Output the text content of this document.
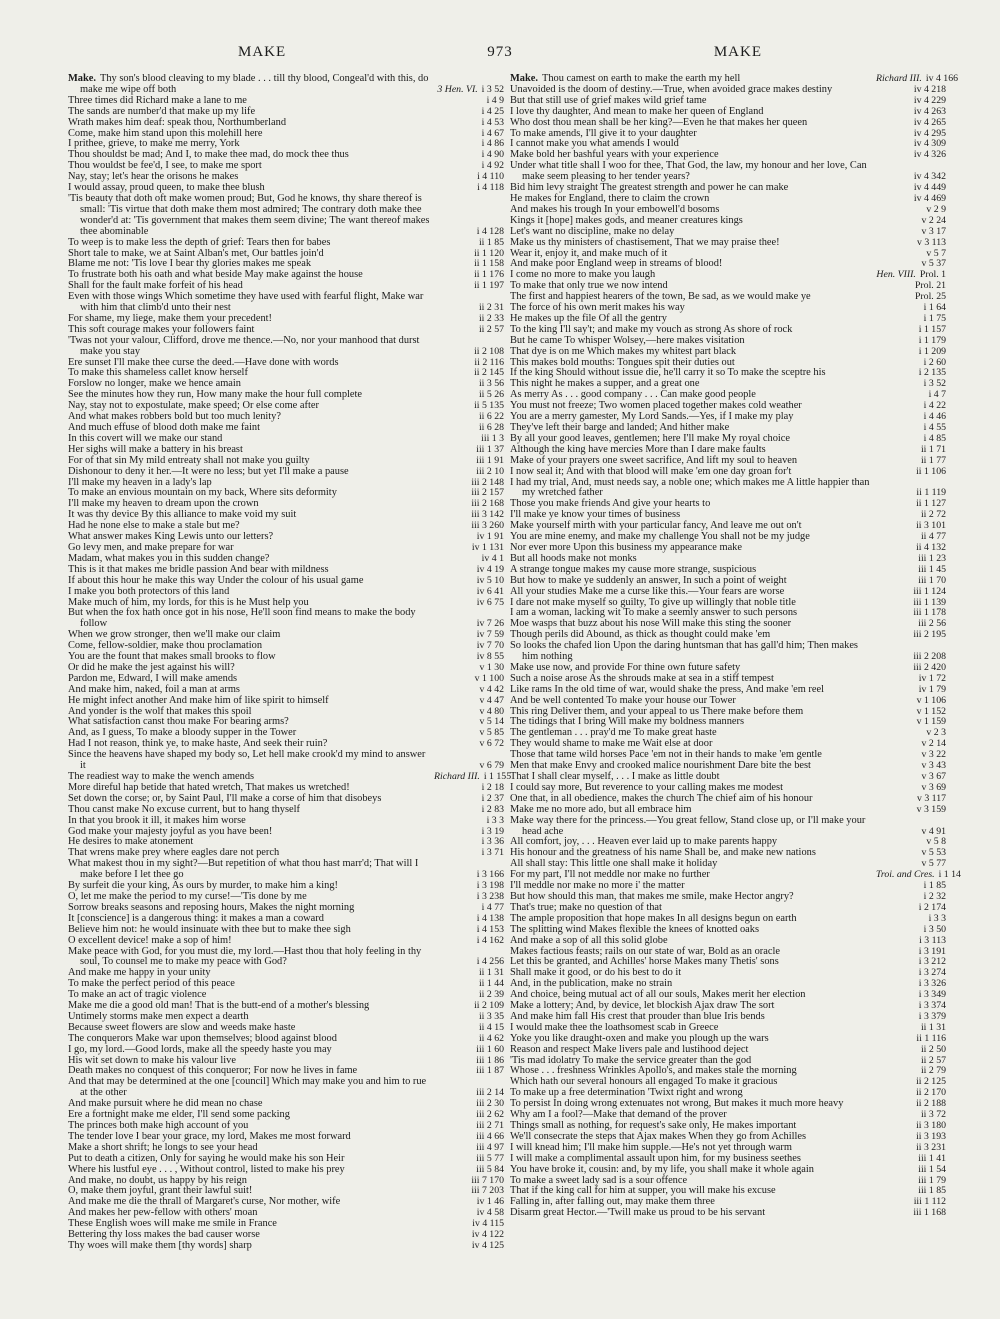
MAKE	973	MAKE
Make. Thy son's blood cleaving to my blade . . . till thy blood, Congeal'd with this, do make me wipe off both	3 Hen. VI. i 3 52
Three times did Richard make a lane to me	i 4 9
The sands are number'd that make up my life	i 4 25
Wrath makes him deaf: speak thou, Northumberland	i 4 53
Come, make him stand upon this molehill here	i 4 67
I prithee, grieve, to make me merry, York	i 4 86
Thou shouldst be mad; And I, to make thee mad, do mock thee thus	i 4 90
Thou wouldst be fee'd, I see, to make me sport	i 4 92
Nay, stay; let's hear the orisons he makes	i 4 110
I would assay, proud queen, to make thee blush	i 4 118
'Tis beauty that doth oft make women proud; But, God he knows, thy share thereof is small: 'Tis virtue that doth make them most admired; The contrary doth make thee wonder'd at: 'Tis government that makes them seem divine; The want thereof makes thee abominable	i 4 128
To weep is to make less the depth of grief: Tears then for babes	ii 1 85
Short tale to make, we at Saint Alban's met, Our battles join'd	ii 1 120
Blame me not: 'Tis love I bear thy glories makes me speak	ii 1 158
To frustrate both his oath and what beside May make against the house	ii 1 176
Shall for the fault make forfeit of his head	ii 1 197
Even with those wings Which sometime they have used with fearful flight, Make war with him that climb'd unto their nest	ii 2 31
For shame, my liege, make them your precedent!	ii 2 33
This soft courage makes your followers faint	ii 2 57
'Twas not your valour, Clifford, drove me thence.—No, nor your manhood that durst make you stay	ii 2 108
Ere sunset I'll make thee curse the deed.—Have done with words	ii 2 116
To make this shameless callet know herself	ii 2 145
Forslow no longer, make we hence amain	ii 3 56
See the minutes how they run, How many make the hour full complete	ii 5 26
Nay, stay not to expostulate, make speed; Or else come after	ii 5 135
And what makes robbers bold but too much lenity?	ii 6 22
And much effuse of blood doth make me faint	ii 6 28
In this covert will we make our stand	iii 1 3
Her sighs will make a battery in his breast	iii 1 37
For of that sin My mild entreaty shall not make you guilty	iii 1 91
Dishonour to deny it her.—It were no less; but yet I'll make a pause	iii 2 10
I'll make my heaven in a lady's lap	iii 2 148
To make an envious mountain on my back, Where sits deformity	iii 2 157
I'll make my heaven to dream upon the crown	iii 2 168
It was thy device By this alliance to make void my suit	iii 3 142
Had he none else to make a stale but me?	iii 3 260
What answer makes King Lewis unto our letters?	iv 1 91
Go levy men, and make prepare for war	iv 1 131
Madam, what makes you in this sudden change?	iv 4 1
This is it that makes me bridle passion And bear with mildness	iv 4 19
If about this hour he make this way Under the colour of his usual game	iv 5 10
I make you both protectors of this land	iv 6 41
Make much of him, my lords, for this is he Must help you	iv 6 75
But when the fox hath once got in his nose, He'll soon find means to make the body follow	iv 7 26
When we grow stronger, then we'll make our claim	iv 7 59
Come, fellow-soldier, make thou proclamation	iv 7 70
You are the fount that makes small brooks to flow	iv 8 55
Or did he make the jest against his will?	v 1 30
Pardon me, Edward, I will make amends	v 1 100
And make him, naked, foil a man at arms	v 4 42
He might infect another And make him of like spirit to himself	v 4 47
And yonder is the wolf that makes this spoil	v 4 80
What satisfaction canst thou make For bearing arms?	v 5 14
And, as I guess, To make a bloody supper in the Tower	v 5 85
Had I not reason, think ye, to make haste, And seek their ruin?	v 6 72
Since the heavens have shaped my body so, Let hell make crook'd my mind to answer it	v 6 79
The readiest way to make the wench amends	Richard III. i 1 155
More direful hap betide that hated wretch, That makes us wretched!	i 2 18
Set down the corse; or, by Saint Paul, I'll make a corse of him that disobeys	i 2 37
Thou canst make No excuse current, but to hang thyself	i 2 83
In that you brook it ill, it makes him worse	i 3 3
God make your majesty joyful as you have been!	i 3 19
He desires to make atonement	i 3 36
That wrens make prey where eagles dare not perch	i 3 71
What makest thou in my sight?—But repetition of what thou hast marr'd; That will I make before I let thee go	i 3 166
By surfeit die your king, As ours by murder, to make him a king!	i 3 198
O, let me make the period to my curse!—'Tis done by me	i 3 238
Sorrow breaks seasons and reposing hours, Makes the night morning	i 4 77
It [conscience] is a dangerous thing: it makes a man a coward	i 4 138
Believe him not: he would insinuate with thee but to make thee sigh	i 4 153
O excellent device! make a sop of him!	i 4 162
Make peace with God, for you must die, my lord.—Hast thou that holy feeling in thy soul, To counsel me to make my peace with God?	i 4 256
And make me happy in your unity	ii 1 31
To make the perfect period of this peace	ii 1 44
To make an act of tragic violence	ii 2 39
Make me die a good old man! That is the butt-end of a mother's blessing	ii 2 109
Untimely storms make men expect a dearth	ii 3 35
Because sweet flowers are slow and weeds make haste	ii 4 15
The conquerors Make war upon themselves; blood against blood	ii 4 62
I go, my lord.—Good lords, make all the speedy haste you may	iii 1 60
His wit set down to make his valour live	iii 1 86
Death makes no conquest of this conqueror; For now he lives in fame	iii 1 87
And that may be determined at the one [council] Which may make you and him to rue at the other	iii 2 14
And make pursuit where he did mean no chase	iii 2 30
Ere a fortnight make me elder, I'll send some packing	iii 2 62
The princes both make high account of you	iii 2 71
The tender love I bear your grace, my lord, Makes me most forward	iii 4 66
Make a short shrift; he longs to see your head	iii 4 97
Put to death a citizen, Only for saying he would make his son Heir	iii 5 77
Where his lustful eye . . . , Without control, listed to make his prey	iii 5 84
And make, no doubt, us happy by his reign	iii 7 170
O, make them joyful, grant their lawful suit!	iii 7 203
And make me die the thrall of Margaret's curse, Nor mother, wife	iv 1 46
And makes her pew-fellow with others' moan	iv 4 58
These English woes will make me smile in France	iv 4 115
Bettering thy loss makes the bad causer worse	iv 4 122
Thy woes will make them [thy words] sharp	iv 4 125
Make. Thou camest on earth to make the earth my hell	Richard III. iv 4 166
Unavoided is the doom of destiny.—True, when avoided grace makes destiny	iv 4 218
But that still use of grief makes wild grief tame	iv 4 229
I love thy daughter, And mean to make her queen of England	iv 4 263
Who dost thou mean shall be her king?—Even he that makes her queen	iv 4 265
To make amends, I'll give it to your daughter	iv 4 295
I cannot make you what amends I would	iv 4 309
Make bold her bashful years with your experience	iv 4 326
Under what title shall I woo for thee, That God, the law, my honour and her love, Can make seem pleasing to her tender years?	iv 4 342
Bid him levy straight The greatest strength and power he can make	iv 4 449
He makes for England, there to claim the crown	iv 4 469
And makes his trough In your embowell'd bosoms	v 2 9
Kings it [hope] makes gods, and meaner creatures kings	v 2 24
Let's want no discipline, make no delay	v 3 17
Make us thy ministers of chastisement, That we may praise thee!	v 3 113
Wear it, enjoy it, and make much of it	v 5 7
And make poor England weep in streams of blood!	v 5 37
I come no more to make you laugh	Hen. VIII. Prol. 1
To make that only true we now intend	Prol. 21
The first and happiest hearers of the town, Be sad, as we would make ye	Prol. 25
The force of his own merit makes his way	i 1 64
He makes up the file Of all the gentry	i 1 75
To the king I'll say't; and make my vouch as strong As shore of rock	i 1 157
But he came To whisper Wolsey,—here makes visitation	i 1 179
That dye is on me Which makes my whitest part black	i 1 209
This makes bold mouths: Tongues spit their duties out	i 2 60
If the king Should without issue die, he'll carry it so To make the sceptre his	i 2 135
This night he makes a supper, and a great one	i 3 52
As merry As . . . good company . . . Can make good people	i 4 7
You must not freeze; Two women placed together makes cold weather	i 4 22
You are a merry gamester, My Lord Sands.—Yes, if I make my play	i 4 46
They've left their barge and landed; And hither make	i 4 55
By all your good leaves, gentlemen; here I'll make My royal choice	i 4 85
Although the king have mercies More than I dare make faults	ii 1 71
Make of your prayers one sweet sacrifice, And lift my soul to heaven	ii 1 77
I now seal it; And with that blood will make 'em one day groan for't	ii 1 106
I had my trial, And, must needs say, a noble one; which makes me A little happier than my wretched father	ii 1 119
Those you make friends And give your hearts to	ii 1 127
I'll make ye know your times of business	ii 2 72
Make yourself mirth with your particular fancy, And leave me out on't	ii 3 101
You are mine enemy, and make my challenge You shall not be my judge	ii 4 77
Nor ever more Upon this business my appearance make	ii 4 132
But all hoods make not monks	iii 1 23
A strange tongue makes my cause more strange, suspicious	iii 1 45
But how to make ye suddenly an answer, In such a point of weight	iii 1 70
All your studies Make me a curse like this.—Your fears are worse	iii 1 124
I dare not make myself so guilty, To give up willingly that noble title	iii 1 139
I am a woman, lacking wit To make a seemly answer to such persons	iii 1 178
Moe wasps that buzz about his nose Will make this sting the sooner	iii 2 56
Though perils did Abound, as thick as thought could make 'em	iii 2 195
So looks the chafed lion Upon the daring huntsman that has gall'd him; Then makes him nothing	iii 2 208
Make use now, and provide For thine own future safety	iii 2 420
Such a noise arose As the shrouds make at sea in a stiff tempest	iv 1 72
Like rams In the old time of war, would shake the press, And make 'em reel	iv 1 79
And be well contented To make your house our Tower	v 1 106
This ring Deliver them, and your appeal to us There make before them	v 1 152
The tidings that I bring Will make my boldness manners	v 1 159
The gentleman . . . pray'd me To make great haste	v 2 3
They would shame to make me Wait else at door	v 2 14
Those that tame wild horses Pace 'em not in their hands to make 'em gentle	v 3 22
Men that make Envy and crooked malice nourishment Dare bite the best	v 3 43
That I shall clear myself, . . . I make as little doubt	v 3 67
I could say more, But reverence to your calling makes me modest	v 3 69
One that, in all obedience, makes the church The chief aim of his honour	v 3 117
Make me no more ado, but all embrace him	v 3 159
Make way there for the princess.—You great fellow, Stand close up, or I'll make your head ache	v 4 91
All comfort, joy, . . . Heaven ever laid up to make parents happy	v 5 8
His honour and the greatness of his name Shall be, and make new nations	v 5 53
All shall stay: This little one shall make it holiday	v 5 77
For my part, I'll not meddle nor make no further	Troi. and Cres. i 1 14
I'll meddle nor make no more i' the matter	i 1 85
But how should this man, that makes me smile, make Hector angry?	i 2 32
That's true; make no question of that	i 2 174
The ample proposition that hope makes In all designs begun on earth	i 3 3
The splitting wind Makes flexible the knees of knotted oaks	i 3 50
And make a sop of all this solid globe	i 3 113
Makes factious feasts; rails on our state of war, Bold as an oracle	i 3 191
Let this be granted, and Achilles' horse Makes many Thetis' sons	i 3 212
Shall make it good, or do his best to do it	i 3 274
And, in the publication, make no strain	i 3 326
And choice, being mutual act of all our souls, Makes merit her election	i 3 349
Make a lottery; And, by device, let blockish Ajax draw The sort	i 3 374
And make him fall His crest that prouder than blue Iris bends	i 3 379
I would make thee the loathsomest scab in Greece	ii 1 31
Yoke you like draught-oxen and make you plough up the wars	ii 1 116
Reason and respect Make livers pale and lustihood deject	ii 2 50
'Tis mad idolatry To make the service greater than the god	ii 2 57
Whose . . . freshness Wrinkles Apollo's, and makes stale the morning	ii 2 79
Which hath our several honours all engaged To make it gracious	ii 2 125
To make up a free determination 'Twixt right and wrong	ii 2 170
To persist In doing wrong extenuates not wrong, But makes it much more heavy	ii 2 188
Why am I a fool?—Make that demand of the prover	ii 3 72
Things small as nothing, for request's sake only, He makes important	ii 3 180
We'll consecrate the steps that Ajax makes When they go from Achilles	ii 3 193
I will knead him; I'll make him supple.—He's not yet through warm	ii 3 231
I will make a complimental assault upon him, for my business seethes	iii 1 41
You have broke it, cousin: and, by my life, you shall make it whole again	iii 1 54
To make a sweet lady sad is a sour offence	iii 1 79
That if the king call for him at supper, you will make his excuse	iii 1 85
Falling in, after falling out, may make them three	iii 1 112
Disarm great Hector.—'Twill make us proud to be his servant	iii 1 168
